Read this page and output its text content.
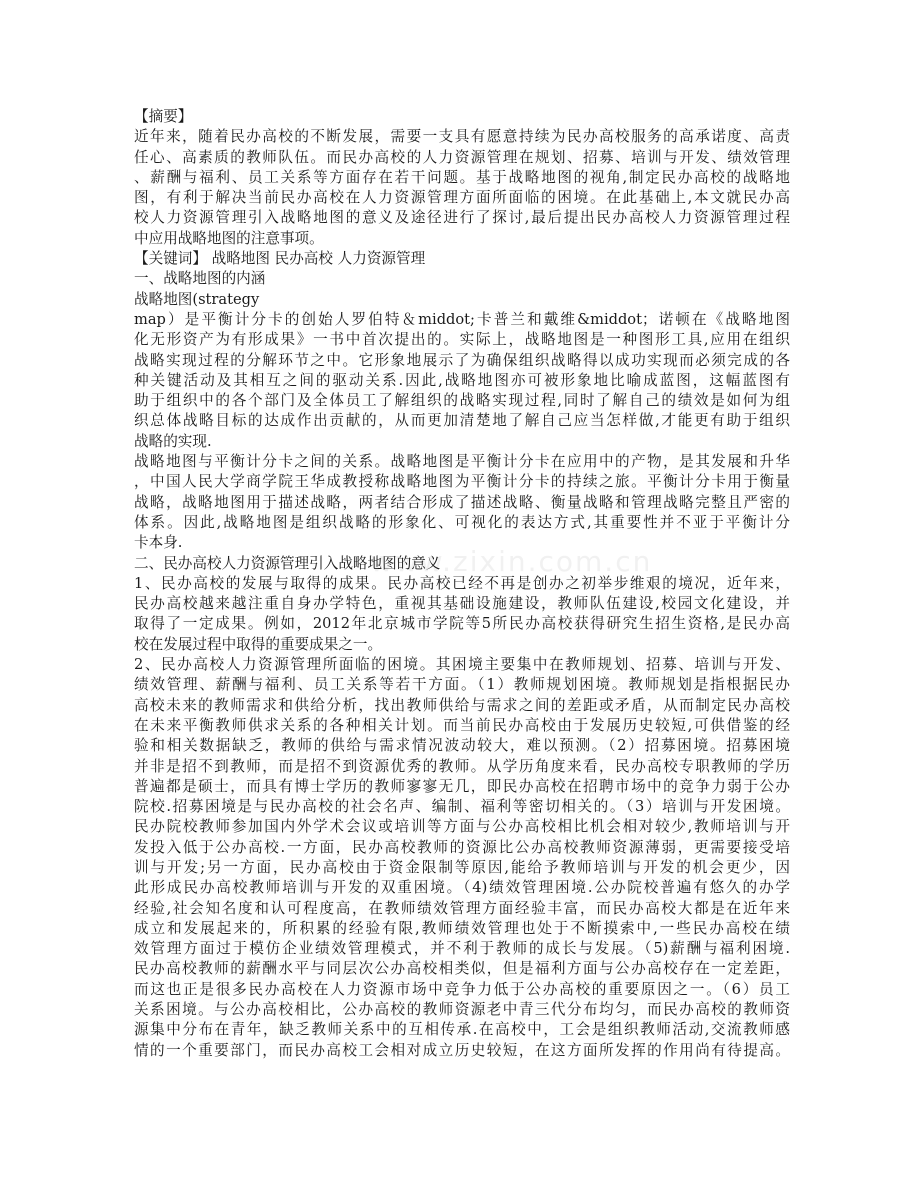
www.zixin.com.cn
【摘要】
近年来，随着民办高校的不断发展，需要一支具有愿意持续为民办高校服务的高承诺度、高责
任心、高素质的教师队伍。而民办高校的人力资源管理在规划、招募、培训与开发、绩效管理
、薪酬与福利、员工关系等方面存在若干问题。基于战略地图的视角,制定民办高校的战略地
图，有利于解决当前民办高校在人力资源管理方面所面临的困境。在此基础上,本文就民办高
校人力资源管理引入战略地图的意义及途径进行了探讨,最后提出民办高校人力资源管理过程
中应用战略地图的注意事项。
【关键词】 战略地图 民办高校 人力资源管理
一、战略地图的内涵
战略地图(strategy
map）是平衡计分卡的创始人罗伯特＆middot;卡普兰和戴维&middot；诺顿在《战略地图
化无形资产为有形成果》一书中首次提出的。实际上，战略地图是一种图形工具,应用在组织
战略实现过程的分解环节之中。它形象地展示了为确保组织战略得以成功实现而必须完成的各
种关键活动及其相互之间的驱动关系.因此,战略地图亦可被形象地比喻成蓝图，这幅蓝图有
助于组织中的各个部门及全体员工了解组织的战略实现过程,同时了解自己的绩效是如何为组
织总体战略目标的达成作出贡献的，从而更加清楚地了解自己应当怎样做,才能更有助于组织
战略的实现.
战略地图与平衡计分卡之间的关系。战略地图是平衡计分卡在应用中的产物，是其发展和升华
，中国人民大学商学院王华成教授称战略地图为平衡计分卡的持续之旅。平衡计分卡用于衡量
战略，战略地图用于描述战略，两者结合形成了描述战略、衡量战略和管理战略完整且严密的
体系。因此,战略地图是组织战略的形象化、可视化的表达方式,其重要性并不亚于平衡计分
卡本身.
二、民办高校人力资源管理引入战略地图的意义
1、民办高校的发展与取得的成果。民办高校已经不再是创办之初举步维艰的境况，近年来，
民办高校越来越注重自身办学特色，重视其基础设施建设，教师队伍建设,校园文化建设，并
取得了一定成果。例如，2012年北京城市学院等5所民办高校获得研究生招生资格,是民办高
校在发展过程中取得的重要成果之一。
2、民办高校人力资源管理所面临的困境。其困境主要集中在教师规划、招募、培训与开发、
绩效管理、薪酬与福利、员工关系等若干方面。（1）教师规划困境。教师规划是指根据民办
高校未来的教师需求和供给分析，找出教师供给与需求之间的差距或矛盾，从而制定民办高校
在未来平衡教师供求关系的各种相关计划。而当前民办高校由于发展历史较短,可供借鉴的经
验和相关数据缺乏，教师的供给与需求情况波动较大，难以预测。（2）招募困境。招募困境
并非是招不到教师，而是招不到资源优秀的教师。从学历角度来看，民办高校专职教师的学历
普遍都是硕士，而具有博士学历的教师寥寥无几，即民办高校在招聘市场中的竞争力弱于公办
院校.招募困境是与民办高校的社会名声、编制、福利等密切相关的。（3）培训与开发困境。
民办院校教师参加国内外学术会议或培训等方面与公办高校相比机会相对较少,教师培训与开
发投入低于公办高校.一方面，民办高校教师的资源比公办高校教师资源薄弱，更需要接受培
训与开发;另一方面，民办高校由于资金限制等原因,能给予教师培训与开发的机会更少，因
此形成民办高校教师培训与开发的双重困境。（4)绩效管理困境.公办院校普遍有悠久的办学
经验,社会知名度和认可程度高，在教师绩效管理方面经验丰富，而民办高校大都是在近年来
成立和发展起来的，所积累的经验有限,教师绩效管理也处于不断摸索中,一些民办高校在绩
效管理方面过于模仿企业绩效管理模式，并不利于教师的成长与发展。（5)薪酬与福利困境.
民办高校教师的薪酬水平与同层次公办高校相类似，但是福利方面与公办高校存在一定差距，
而这也正是很多民办高校在人力资源市场中竞争力低于公办高校的重要原因之一。（6）员工
关系困境。与公办高校相比，公办高校的教师资源老中青三代分布均匀，而民办高校的教师资
源集中分布在青年，缺乏教师关系中的互相传承.在高校中，工会是组织教师活动,交流教师感
情的一个重要部门，而民办高校工会相对成立历史较短，在这方面所发挥的作用尚有待提高。
